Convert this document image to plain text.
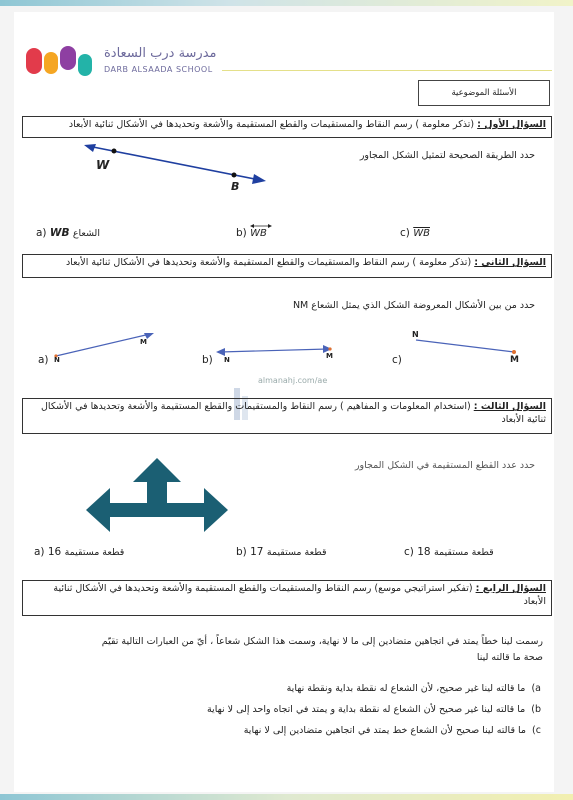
مدرسة درب السعادة
DARB ALSAADA SCHOOL
الأسئلة الموضوعية
السؤال الأول : (تذكر معلومة ) رسم النقاط والمستقيمات والقطع المستقيمة والأشعة وتحديدها في الأشكال ثنائية الأبعاد
حدد الطريقة الصحيحة لتمثيل الشكل المجاور
W
B
a) WB الشعاع	b) WB	c) $\overline{WB}$
السؤال الثاني : (تذكر معلومة ) رسم النقاط والمستقيمات والقطع المستقيمة والأشعة وتحديدها في الأشكال ثنائية الأبعاد
حدد من بين الأشكال المعروضة الشكل الذي يمثل الشعاع NM
a) N
M
b) N	M	c)
N
M
almanahj.com/ae
السؤال الثالث : (استخدام المعلومات و المفاهيم ) رسم النقاط والمستقيمات والقطع المستقيمة والأشعة وتحديدها في الأشكال ثنائية الأبعاد
حدد عدد القطع المستقيمة في الشكل المجاور
a) 16 قطعة مستقيمة	b) 17 قطعة مستقيمة	c) 18 قطعة مستقيمة
السؤال الرابع : (تفكير استراتيجي موسع) رسم النقاط والمستقيمات والقطع المستقيمة والأشعة وتحديدها في الأشكال ثنائية الأبعاد
رسمت لينا خطاً يمتد في اتجاهين متضادين إلى ما لا نهاية، وسمت هذا الشكل شعاعاً ، أيّ من العبارات التالية تقيّم
صحة ما قالته لينا
a)  ما قالته لينا غير صحيح، لأن الشعاع له نقطة بداية ونقطة نهاية
b)  ما قالته لينا غير صحيح لأن الشعاع له نقطة بداية و يمتد في اتجاه واحد إلى لا نهاية
c)  ما قالته لينا صحيح لأن الشعاع خط يمتد في اتجاهين متضادين إلى لا نهاية
